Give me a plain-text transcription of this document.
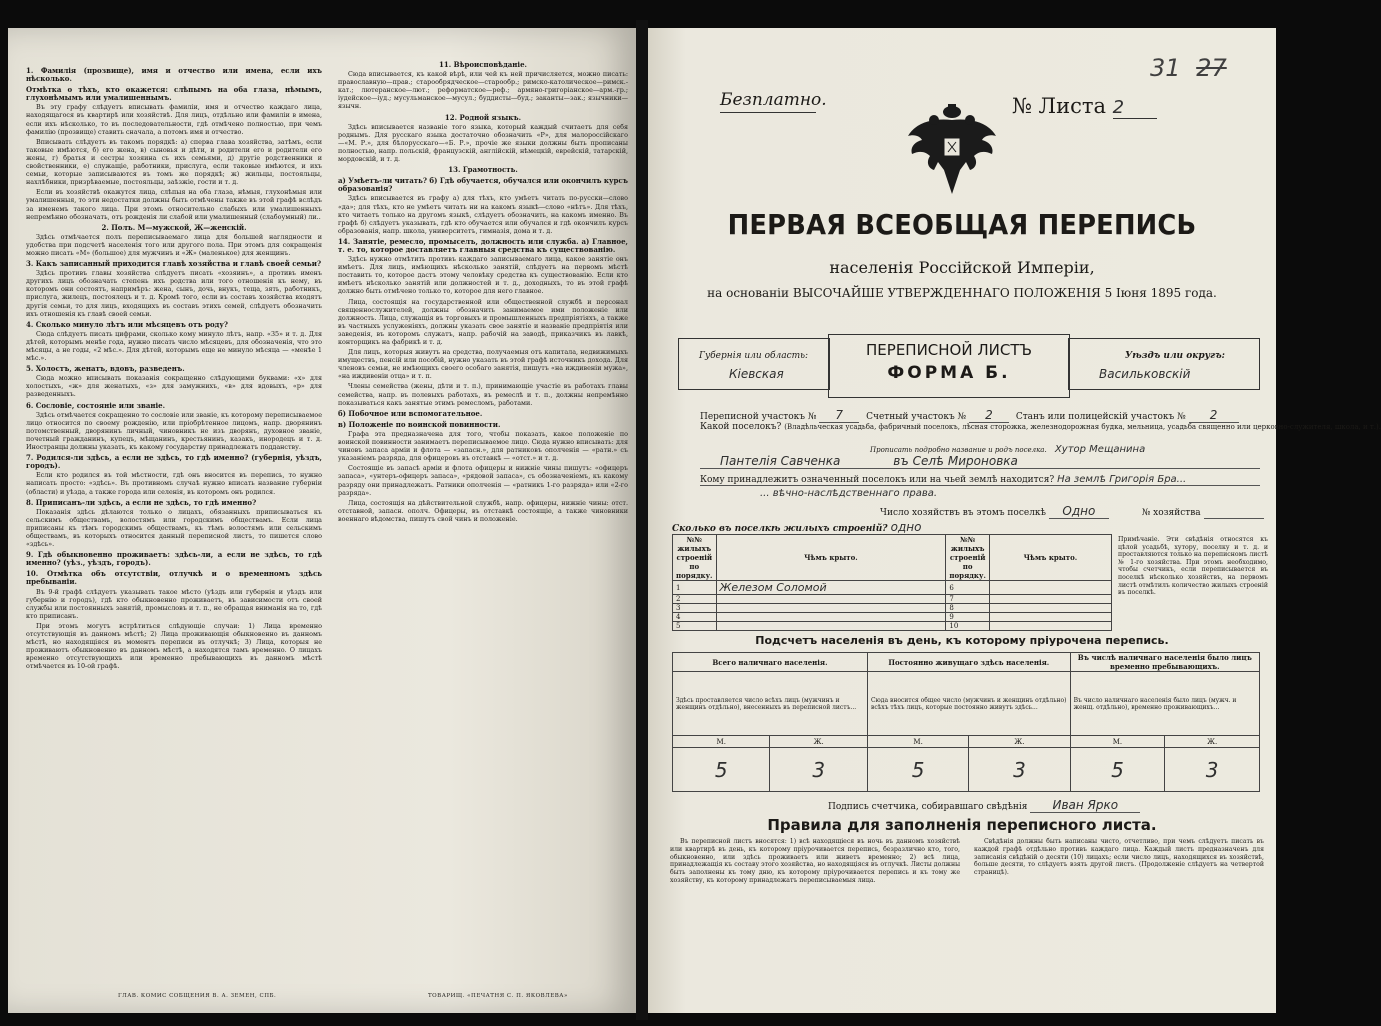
1. Фамилія (прозвище), имя и отчество или имена, если ихъ нѣсколько.
Отмѣтка о тѣхъ, кто окажется: слѣпымъ на оба глаза, нѣмымъ, глухонѣмымъ или умалишеннымъ.

Въ эту графу слѣдуетъ вписывать фамиліи, имя и отчество каждаго лица, находящагося въ квартирѣ или хозяйствѣ. Для лицъ, отдѣльно или фамиліи в имена, если ихъ нѣсколько, то въ последовательности, гдѣ отмѣчено полностью, при чемъ фамилію (прозвище) ставить сначала, а потомъ имя и отчество.

Вписывать слѣдуетъ въ такомъ порядкѣ: а) сперва глава хозяйства, затѣмъ, если таковые имѣются, б) его жена, в) сыновья и дѣти, и родители его и родители его жены, г) братья и сестры хозяина съ ихъ семьями, д) другіе родственники и свойственники, е) служащіе, работники, прислуга, если таковые имѣются, и ихъ семьи, которые записываются въ томъ же порядкѣ; ж) жильцы, постояльцы, нахлѣбники, призрѣваемые, постояльцы, заѣзжіе, гости и т. д.

Если въ хозяйствѣ окажутся лица, слѣпыя на оба глаза, нѣмыя, глухонѣмыя или умалишенныя, то эти недостатки должны быть отмѣчены также въ этой графѣ вслѣдъ за именемъ такого лица. При этомъ относительно слабыхъ или умалишенныхъ непремѣнно обозначать, отъ рожденія ли слабой или умалишенный (слабоумный) ли..

2. Полъ. М—мужской, Ж—женскій.

Здѣсь отмѣчается полъ переписываемаго лица для большей наглядности и удобства при подсчетѣ населенія того или другого пола. При этомъ для сокращенія можно писать «М» (большое) для мужчинъ и «Ж» (маленькое) для женщинъ.

3. Какъ записанный приходится главѣ хозяйства и главѣ своей семьи?

Здѣсь противъ главы хозяйства слѣдуетъ писать «хозяинъ», а противъ именъ другихъ лицъ обозначать степень ихъ родства или того отношенія къ нему, въ которомъ они состоятъ, напримѣръ: жена, сынъ, дочь, внукъ, теща, зять, работникъ, прислуга, жилецъ, постоялецъ и т. д. Кромѣ того, если въ составъ хозяйства входятъ другія семьи, то для лицъ, входящихъ въ составъ этихъ семей, слѣдуетъ обозначить ихъ отношенія къ главѣ своей семьи.

4. Сколько минуло лѣтъ или мѣсяцевъ отъ роду?

Сюда слѣдуетъ писать цифрами, сколько кому минуло лѣтъ, напр. «35» и т. д. Для дѣтей, которымъ менѣе года, нужно писать число мѣсяцевъ, для обозначенія, что это мѣсяцы, а не годы, «2 мѣс.». Для дѣтей, которымъ еще не минуло мѣсяца — «менѣе 1 мѣс.».

5. Холостъ, женатъ, вдовъ, разведенъ.

Сюда можно вписывать показанія сокращенно слѣдующими буквами: «х» для холостыхъ, «ж» для женатыхъ, «з» для замужнихъ, «в» для вдовыхъ, «р» для разведенныхъ.

6. Сословіе, состояніе или званіе.

Здѣсь отмѣчается сокращенно то сословіе или званіе, къ которому переписываемое лицо относится по своему рожденію, или пріобрѣтенное лицомъ, напр. дворянинъ потомственный, дворянинъ личный, чиновникъ не изъ дворянъ, духовное званіе, почетный гражданинъ, купецъ, мѣщанинъ, крестьянинъ, казакъ, инородецъ и т. д. Иностранцы должны указать, къ какому государству принадлежатъ подданству.

7. Родился-ли здѣсь, а если не здѣсь, то гдѣ именно? (губернія, уѣздъ, городъ).

Если кто родился въ той мѣстности, гдѣ онъ вносится въ перепись, то нужно написать просто: «здѣсь». Въ противномъ случаѣ нужно вписать название губерніи (области) и уѣзда, а также города или селенія, въ которомъ онъ родился.

8. Приписанъ-ли здѣсь, а если не здѣсь, то гдѣ именно?

Показанія здѣсь дѣлаются только о лицахъ, обязанныхъ приписываться къ сельскимъ обществамъ, волостямъ или городскимъ обществамъ. Если лица приписаны къ тѣмъ городскимъ обществамъ, къ тѣмъ волостямъ или сельскимъ обществамъ, въ которыхъ относится данный переписной листъ, то пишется слово «здѣсь».

9. Гдѣ обыкновенно проживаетъ: здѣсь-ли, а если не здѣсь, то гдѣ именно? (уѣз., уѣздъ, городъ).
10. Отмѣтка объ отсутствіи, отлучкѣ и о временномъ здѣсь пребываніи.

Въ 9-й графѣ слѣдуетъ указывать такое мѣсто (уѣздъ или губернія и уѣздъ или губернію и городъ), гдѣ кто обыкновенно проживаетъ, въ зависимости отъ своей службы или постоянныхъ занятій, промысловъ и т. п., не обращая вниманія на то, гдѣ кто приписанъ.

При этомъ могутъ встрѣтиться слѣдующіе случаи: 1) Лица временно отсутствующія въ данномъ мѣстѣ; 2) Лица проживающія обыкновенно въ данномъ мѣстѣ, но находящіяся въ моментъ переписи въ отлучкѣ; 3) Лица, которыя не проживаютъ обыкновенно въ данномъ мѣстѣ, а находятся тамъ временно. О лицахъ временно отсутствующихъ или временно пребывающихъ въ данномъ мѣстѣ отмѣчается въ 10-ой графѣ.

11. Вѣроисповѣданіе.

Сюда вписывается, къ какой вѣрѣ, или чей къ ней причисляется, можно писать: православную—прав.; старообрядческое—старообр.; римско-католическое—римск.-кат.; лютеранское—лют.; реформатское—реф.; армяно-григоріанское—арм.-гр.; іудейское—іуд.; мусульманское—мусул.; буддисты—буд.; заканты—зак.; язычники—язычн.

12. Родной языкъ.

Здѣсь вписывается названіе того языка, который каждый считаетъ для себя роднымъ. Для русскаго языка достаточно обозначить «Р», для малороссійскаго—«М. Р.», для бѣлорусскаго—«Б. Р.», прочіе же языки должны быть прописаны полностью, напр. польскій, французскій, англійскій, нѣмецкій, еврейскій, татарскій, мордовскій, и т. д.

13. Грамотность.
а) Умѣетъ-ли читать? б) Гдѣ обучается, обучался или окончилъ курсъ образованія?

Здѣсь вписывается въ графу а) для тѣхъ, кто умѣетъ читать по-русски—слово «да»; для тѣхъ, кто не умѣетъ читать ни на какомъ языкѣ—слово «нѣтъ». Для тѣхъ, кто читаетъ только на другомъ языкѣ, слѣдуетъ обозначить, на какомъ именно. Въ графѣ б) слѣдуетъ указывать, гдѣ кто обучается или обучался и гдѣ окончилъ курсъ образованія, напр. школа, университетъ, гимназія, дома и т. д.

14. Занятіе, ремесло, промыселъ, должность или служба. а) Главное, т. е. то, которое доставляетъ главныя средства къ существованію.

Здѣсь нужно отмѣтить противъ каждаго записываемаго лица, какое занятіе онъ имѣетъ. Для лицъ, имѣющихъ нѣсколько занятій, слѣдуетъ на первомъ мѣстѣ поставить то, которое дастъ этому человѣку средства къ существованію. Если кто имѣетъ нѣсколько занятій или должностей и т. д., доходныхъ, то въ этой графѣ должно быть отмѣчено только то, которое для него главное.

Лица, состоящія на государственной или общественной службѣ и персонал священнослужителей, должны обозначить занимаемое ими положеніе или должность. Лица, служащія въ торговыхъ и промышленныхъ предпріятіяхъ, а также въ частныхъ услуженіяхъ, должны указать свое занятіе и названіе предпріятія или заведенія, въ которомъ служатъ, напр. рабочій на заводѣ, приказчикъ въ лавкѣ, конторщикъ на фабрикѣ и т. д.

Для лицъ, которыя живутъ на средства, получаемыя отъ капитала, недвижимыхъ имуществъ, пенсій или пособій, нужно указать въ этой графѣ источникъ дохода. Для членовъ семьи, не имѣющихъ своего особаго занятія, пишутъ «на иждивеніи мужа», «на иждивеніи отца» и т. п.

Члены семейства (жены, дѣти и т. п.), принимающіе участіе въ работахъ главы семейства, напр. въ полевыхъ работахъ, въ ремеслѣ и т. п., должны непремѣнно показываться какъ занятые этимъ ремесломъ, работами.

б) Побочное или вспомогательное.
в) Положеніе по воинской повинности.

Графа эта предназначена для того, чтобы показать, какое положеніе по воинской повинности занимаетъ переписываемое лицо. Сюда нужно вписывать: для чиновъ запаса арміи и флота — «запасн.», для ратниковъ ополченія — «ратн.» съ указаніемъ разряда, для офицеровъ въ отставкѣ — «отст.» и т. д.

Состоящіе въ запасѣ арміи и флота офицеры и нижніе чины пишутъ: «офицеръ запаса», «унтеръ-офицеръ запаса», «рядовой запаса», съ обозначеніемъ, къ какому разряду они принадлежатъ. Ратники ополченія — «ратникъ 1-го разряда» или «2-го разряда».

Лица, состоящія на дѣйствительной службѣ, напр. офицеры, нижніе чины: отст. отставной, запасн. ополч. Офицеры, въ отставкѣ состоящіе, а также чиновники военнаго вѣдомства, пишутъ свой чинъ и положеніе.

ГЛАВ. КОМИС СОБЩЕНИЯ В. А. ЗЕМЕН, СПБ.	ТОВАРИЩ. «ПЕЧАТНЯ С. П. ЯКОВЛЕВА»
31 27
Безплатно.	№ Листа 2
ПЕРВАЯ ВСЕОБЩАЯ ПЕРЕПИСЬ
населенія Россійской Имперіи,
на основаніи ВЫСОЧАЙШЕ УТВЕРЖДЕННАГО ПОЛОЖЕНІЯ 5 Іюня 1895 года.
Губернія или область:
Кіевская
ПЕРЕПИСНОЙ ЛИСТЪ
ФОРМА Б.
Уѣздъ или округъ:
Васильковскій
Переписной участокъ № 7	Счетный участокъ № 2	Станъ или полицейскій участокъ № 2
Какой поселокъ? (Владѣльческая усадьба, фабричный поселокъ, лѣсная сторожка, железнодорожная будка, мельница, усадьба священно или церковно-служителя, школа, и т.).
Прописать подробно название и родъ поселка. Хутор Мещанина
Пантелія Савченка	въ Селѣ Мироновка
Кому принадлежитъ означенный поселокъ или на чьей землѣ находится? На землѣ Григорія Бра...
... вѣчно-наслѣдственнаго права.
Число хозяйствъ въ этомъ поселкѣ Одно	№ хозяйства
Сколько въ поселкѣ жилыхъ строеній? одно
№№ жилыхъ строеній по порядку.	Чѣмъ крыто.	№№ жилыхъ строеній по порядку.	Чѣмъ крыто.
1	Железом Соломой	6	
2		7	
3		8	
4		9	
5		10	
Примѣчаніе. Эти свѣдѣнія относятся къ цѣлой усадьбѣ, хутору, поселку и т. д. и проставляются только на переписномъ листѣ № 1-го хозяйства. При этомъ необходимо, чтобы счетчикъ, если переписывается въ поселкѣ нѣсколько хозяйствъ, на первомъ листѣ отмѣтилъ количество жилыхъ строеній въ поселкѣ.
Подсчетъ населенія въ день, къ которому пріурочена перепись.
Всего наличнаго населенія.		Постоянно живущаго здѣсь населенія.		Въ числѣ наличнаго населенія было лицъ временно пребывающихъ.	
Здѣсь проставляется число всѣхъ лицъ (мужчинъ и женщинъ отдѣльно), внесенныхъ въ переписной листъ...		Сюда вносится общее число (мужчинъ и женщинъ отдѣльно) всѣхъ тѣхъ лицъ, которые постоянно живутъ здѣсь...		Въ число наличнаго населенія было лицъ (мужч. и женщ. отдѣльно), временно проживающихъ...	
М.	Ж.	М.	Ж.	М.	Ж.
5	3	5	3	5	3
Подпись счетчика, собиравшаго свѣдѣнія Иван Ярко
Правила для заполненія переписного листа.

Въ переписной листъ вносятся: 1) всѣ находящіеся въ ночь въ данномъ хозяйствѣ или квартирѣ въ день, къ которому пріурочивается перепись, безразлично кто, того, обыкновенно, или здѣсь проживаетъ или живетъ временно; 2) всѣ лица, принадлежащія къ составу этого хозяйства, но находящіяся въ отлучкѣ. Листы должны быть заполнены къ тому дню, къ которому пріурочивается перепись и къ тому же хозяйству, къ которому принадлежатъ переписываемыя лица.

Свѣдѣнія должны быть написаны чисто, отчетливо, при чемъ слѣдуетъ писать въ каждой графѣ отдѣльно противъ каждаго лица. Каждый листъ предназначенъ для записанія свѣдѣній о десяти (10) лицахъ; если число лицъ, находящихся въ хозяйствѣ, больше десяти, то слѣдуетъ взять другой листъ. (Продолженіе слѣдуетъ на четвертой страницѣ).
